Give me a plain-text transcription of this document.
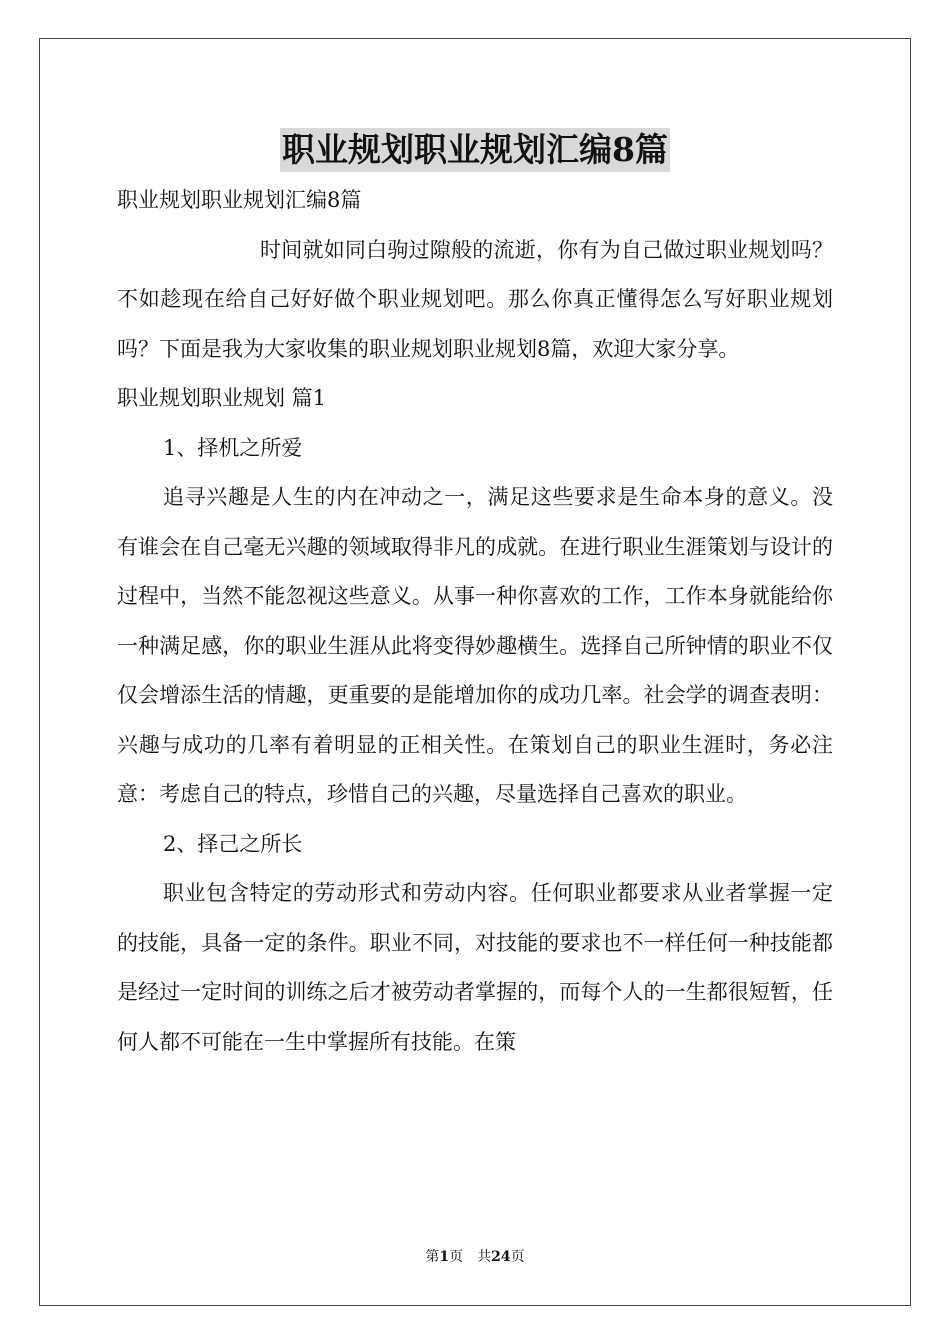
职业规划职业规划汇编8篇

职业规划职业规划汇编8篇

时间就如同白驹过隙般的流逝，你有为自己做过职业规划吗？不如趁现在给自己好好做个职业规划吧。那么你真正懂得怎么写好职业规划吗？下面是我为大家收集的职业规划职业规划8篇，欢迎大家分享。

职业规划职业规划 篇1

1、择机之所爱

追寻兴趣是人生的内在冲动之一，满足这些要求是生命本身的意义。没有谁会在自己毫无兴趣的领域取得非凡的成就。在进行职业生涯策划与设计的过程中，当然不能忽视这些意义。从事一种你喜欢的工作，工作本身就能给你一种满足感，你的职业生涯从此将变得妙趣横生。选择自己所钟情的职业不仅仅会增添生活的情趣，更重要的是能增加你的成功几率。社会学的调查表明：兴趣与成功的几率有着明显的正相关性。在策划自己的职业生涯时，务必注意：考虑自己的特点，珍惜自己的兴趣，尽量选择自己喜欢的职业。

2、择己之所长

职业包含特定的劳动形式和劳动内容。任何职业都要求从业者掌握一定的技能，具备一定的条件。职业不同，对技能的要求也不一样任何一种技能都是经过一定时间的训练之后才被劳动者掌握的，而每个人的一生都很短暂，任何人都不可能在一生中掌握所有技能。在策

第1页　共24页
